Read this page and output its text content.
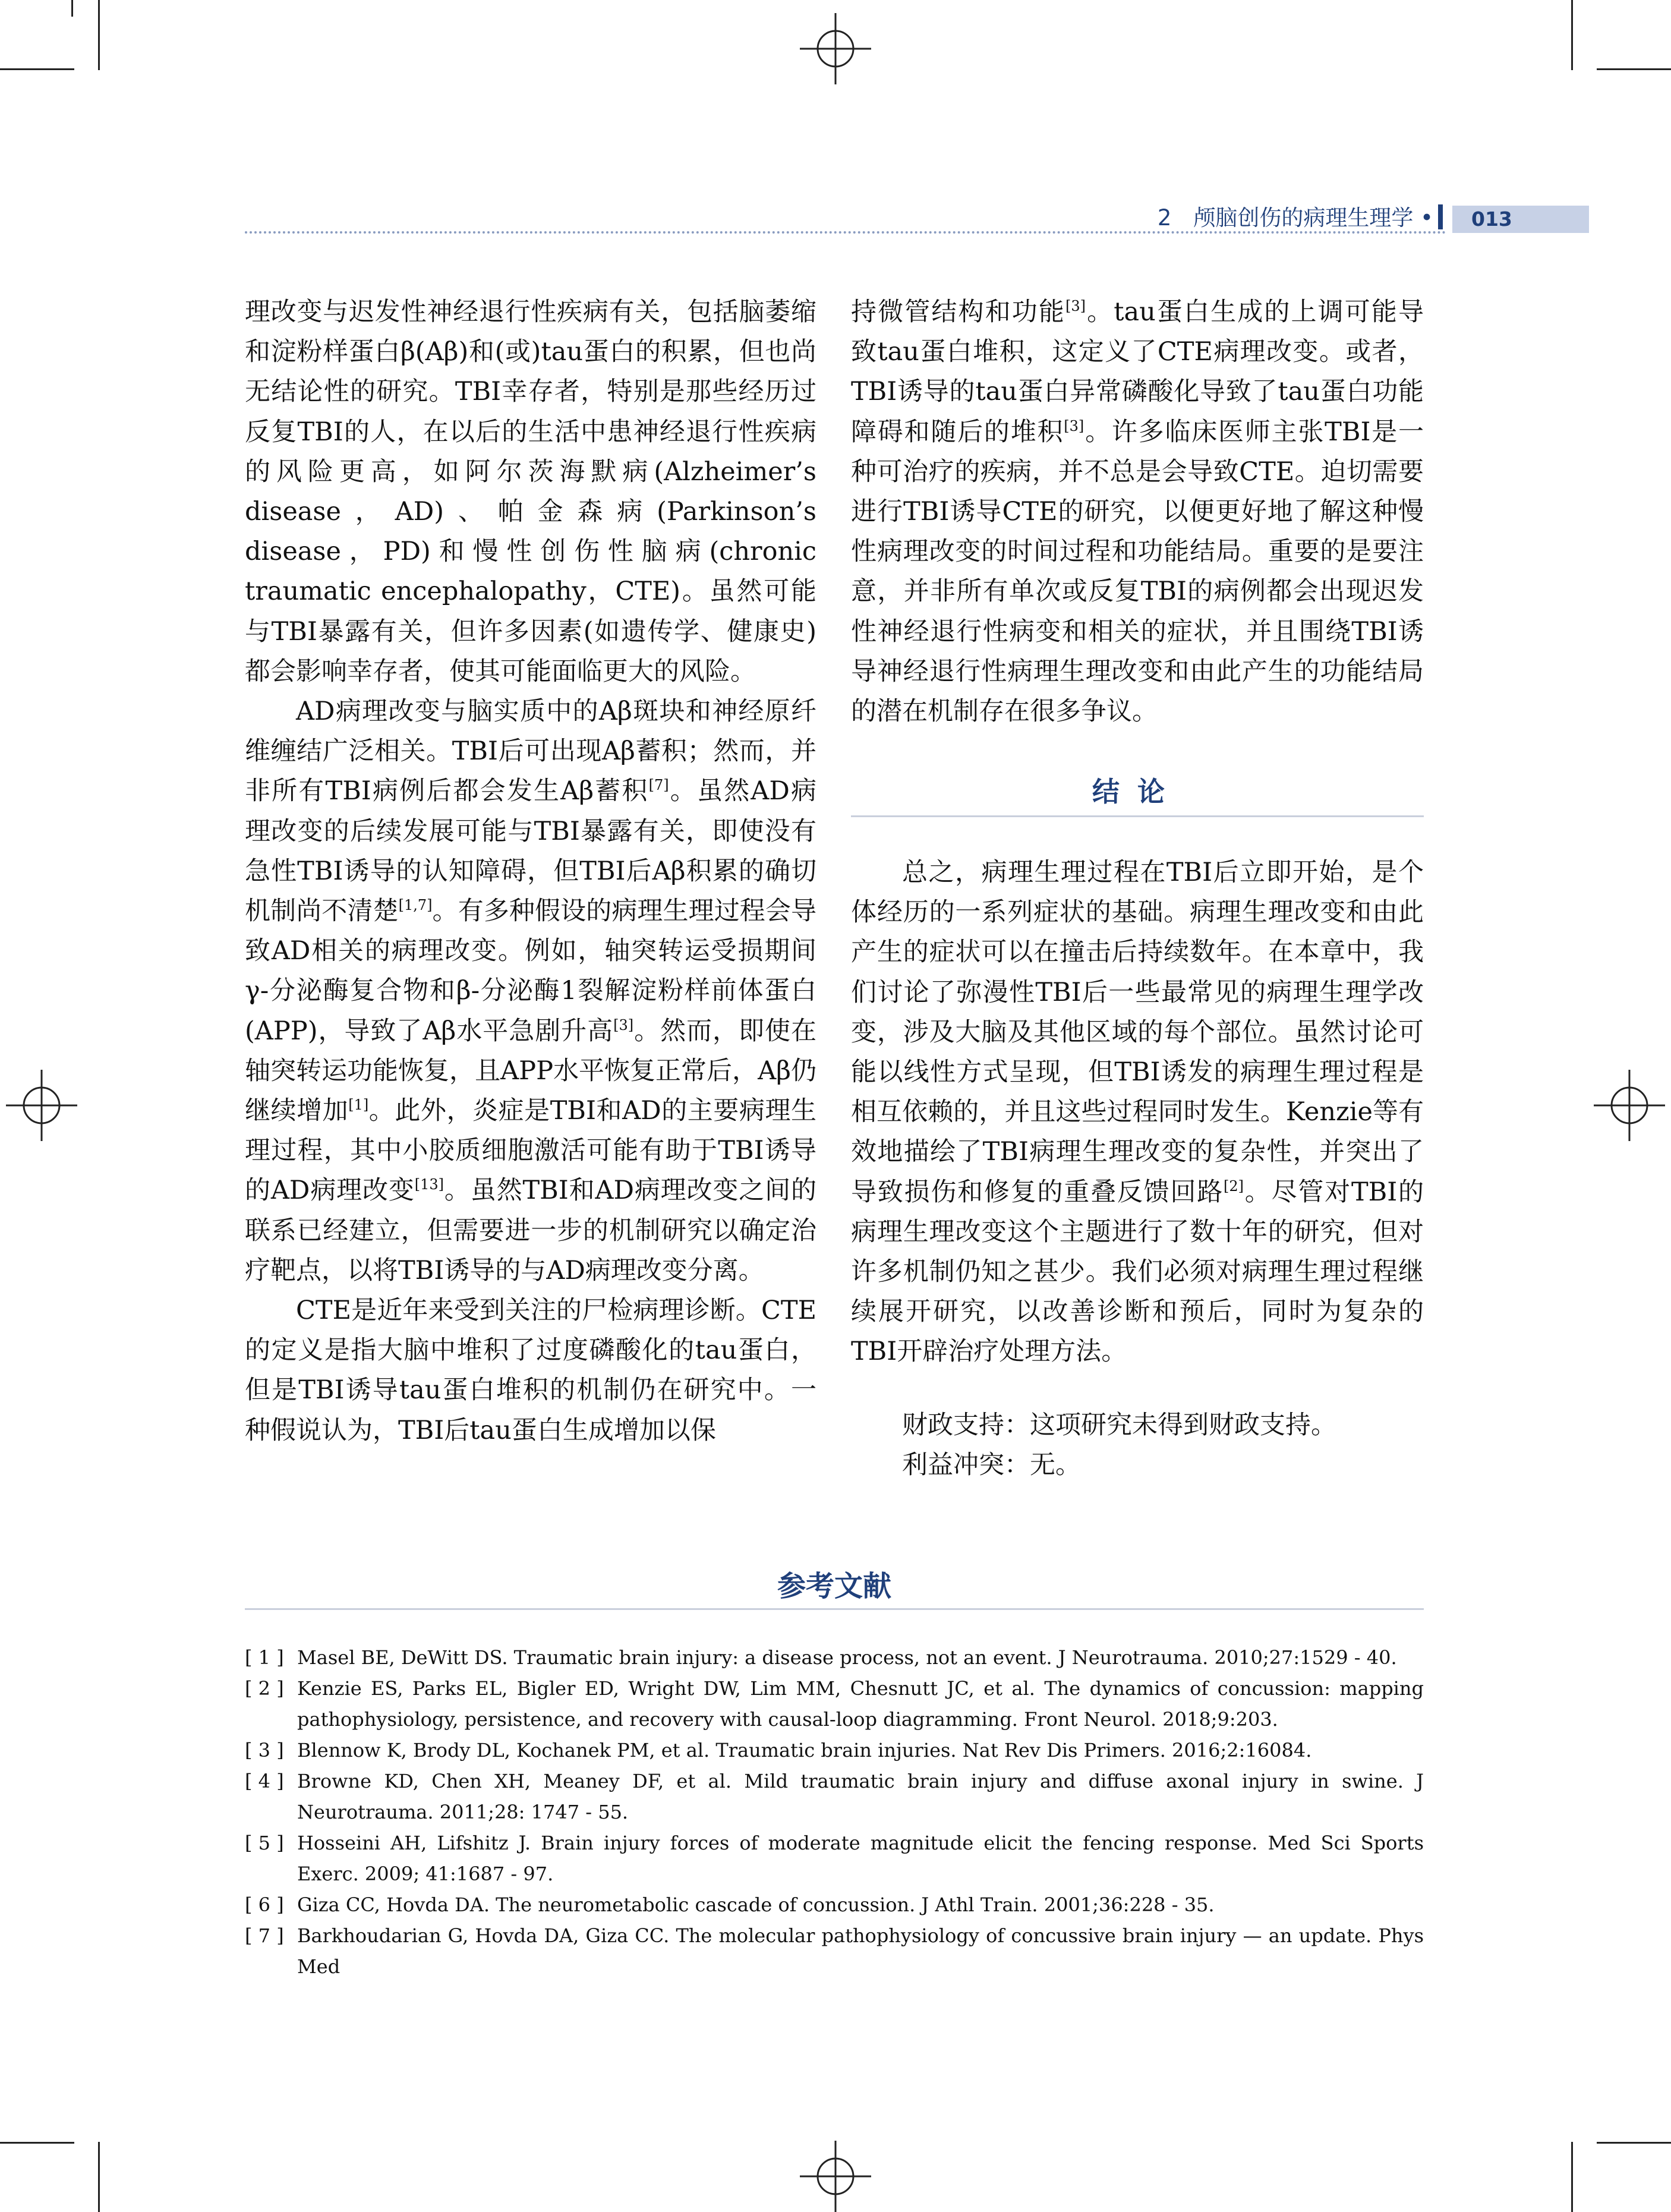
2　颅脑创伤的病理生理学 •	013

理改变与迟发性神经退行性疾病有关，包括脑萎缩和淀粉样蛋白β(Aβ)和(或)tau蛋白的积累，但也尚无结论性的研究。TBI幸存者，特别是那些经历过反复TBI的人，在以后的生活中患神经退行性疾病的风险更高，如阿尔茨海默病(Alzheimer’s disease，AD)、帕金森病(Parkinson’s disease，PD)和慢性创伤性脑病(chronic traumatic encephalopathy，CTE)。虽然可能与TBI暴露有关，但许多因素(如遗传学、健康史)都会影响幸存者，使其可能面临更大的风险。

AD病理改变与脑实质中的Aβ斑块和神经原纤维缠结广泛相关。TBI后可出现Aβ蓄积；然而，并非所有TBI病例后都会发生Aβ蓄积[7]。虽然AD病理改变的后续发展可能与TBI暴露有关，即使没有急性TBI诱导的认知障碍，但TBI后Aβ积累的确切机制尚不清楚[1,7]。有多种假设的病理生理过程会导致AD相关的病理改变。例如，轴突转运受损期间γ-分泌酶复合物和β-分泌酶1裂解淀粉样前体蛋白(APP)，导致了Aβ水平急剧升高[3]。然而，即使在轴突转运功能恢复，且APP水平恢复正常后，Aβ仍继续增加[1]。此外，炎症是TBI和AD的主要病理生理过程，其中小胶质细胞激活可能有助于TBI诱导的AD病理改变[13]。虽然TBI和AD病理改变之间的联系已经建立，但需要进一步的机制研究以确定治疗靶点，以将TBI诱导的与AD病理改变分离。

CTE是近年来受到关注的尸检病理诊断。CTE的定义是指大脑中堆积了过度磷酸化的tau蛋白，但是TBI诱导tau蛋白堆积的机制仍在研究中。一种假说认为，TBI后tau蛋白生成增加以保

持微管结构和功能[3]。tau蛋白生成的上调可能导致tau蛋白堆积，这定义了CTE病理改变。或者，TBI诱导的tau蛋白异常磷酸化导致了tau蛋白功能障碍和随后的堆积[3]。许多临床医师主张TBI是一种可治疗的疾病，并不总是会导致CTE。迫切需要进行TBI诱导CTE的研究，以便更好地了解这种慢性病理改变的时间过程和功能结局。重要的是要注意，并非所有单次或反复TBI的病例都会出现迟发性神经退行性病变和相关的症状，并且围绕TBI诱导神经退行性病理生理改变和由此产生的功能结局的潜在机制存在很多争议。

结论

总之，病理生理过程在TBI后立即开始，是个体经历的一系列症状的基础。病理生理改变和由此产生的症状可以在撞击后持续数年。在本章中，我们讨论了弥漫性TBI后一些最常见的病理生理学改变，涉及大脑及其他区域的每个部位。虽然讨论可能以线性方式呈现，但TBI诱发的病理生理过程是相互依赖的，并且这些过程同时发生。Kenzie等有效地描绘了TBI病理生理改变的复杂性，并突出了导致损伤和修复的重叠反馈回路[2]。尽管对TBI的病理生理改变这个主题进行了数十年的研究，但对许多机制仍知之甚少。我们必须对病理生理过程继续展开研究，以改善诊断和预后，同时为复杂的TBI开辟治疗处理方法。

财政支持：这项研究未得到财政支持。

利益冲突：无。

参考文献
[ 1 ] Masel BE, DeWitt DS. Traumatic brain injury: a disease process, not an event. J Neurotrauma. 2010;27:1529 - 40.
[ 2 ] Kenzie ES, Parks EL, Bigler ED, Wright DW, Lim MM, Chesnutt JC, et al. The dynamics of concussion: mapping pathophysiology, persistence, and recovery with causal-loop diagramming. Front Neurol. 2018;9:203.
[ 3 ] Blennow K, Brody DL, Kochanek PM, et al. Traumatic brain injuries. Nat Rev Dis Primers. 2016;2:16084.
[ 4 ] Browne KD, Chen XH, Meaney DF, et al. Mild traumatic brain injury and diffuse axonal injury in swine. J Neurotrauma. 2011;28: 1747 - 55.
[ 5 ] Hosseini AH, Lifshitz J. Brain injury forces of moderate magnitude elicit the fencing response. Med Sci Sports Exerc. 2009; 41:1687 - 97.
[ 6 ] Giza CC, Hovda DA. The neurometabolic cascade of concussion. J Athl Train. 2001;36:228 - 35.
[ 7 ] Barkhoudarian G, Hovda DA, Giza CC. The molecular pathophysiology of concussive brain injury — an update. Phys Med
